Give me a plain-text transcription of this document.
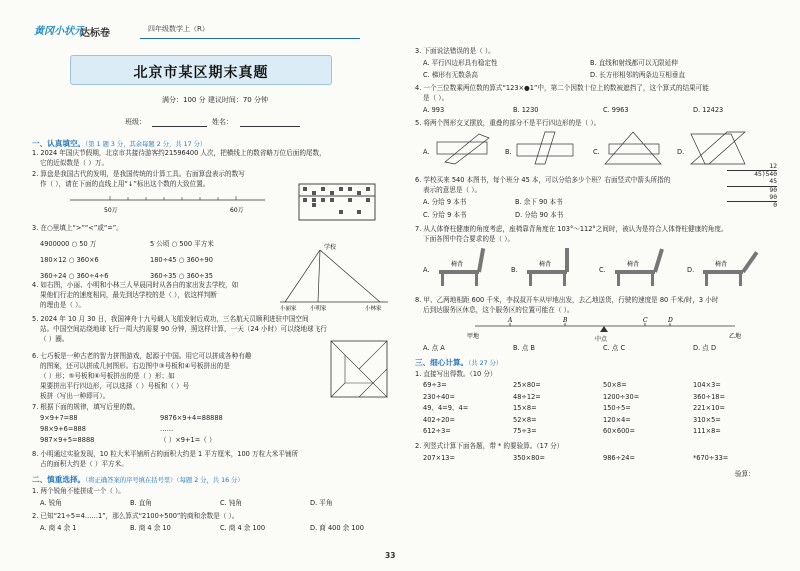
黄冈小状元
达标卷	四年级数学上（R）
北京市某区期末真题
满分：100 分 建议时间：70 分钟
班级：	姓名：
一、认真填空。（第 1 题 3 分，其余每题 2 分，共 17 分）
1. 2024 年国庆节假期，北京市共接待游客约21596400 人次，把横线上的数省略万位后面的尾数，
它的近似数是（ ）万。
2. 算盘是我国古代的发明，是我国传统的计算工具。右面算盘表示的数写
作（ ），请在下面的直线上用“↓”标出这个数的大致位置。
50万	60万
3. 在○里填上“>”“<”或“=”。
4900000 ○ 50 万	5 公顷 ○ 500 平方米
180×12 ○ 360×6	180÷45 ○ 360÷90
360÷24 ○ 360÷4÷6	360÷35 ○ 360÷35
学校
小丽家 小明家	小林家
4. 如右图，小丽、小明和小林三人早晨同时从各自的家出发去学校，如
果他们行走的速度相同，最先到达学校的是（ ），依这样判断
的理由是（ ）。
5. 2024 年 10 月 30 日，我国神舟十九号载人飞船发射后成功，三名航天员顺利进驻中国空间
站。中国空间站绕地球飞行一周大约需要 90 分钟，照这样计算，一天（24 小时）可以绕地球飞行
（ ）圈。
6. 七巧板是一种古老的智力拼图游戏，起源于中国。用它可以拼成各种有趣
的图案，还可以拼成几何图形。右边图中③号板和④号板拼出的是
（ ）形；⑤号板和⑥号板拼出的是（ ）形；如
果要拼出平行四边形，可以选择（ ）号板和（ ）号
板拼（写出一种即可）。
7. 根据下面的规律，填写后里的数。
9×9+7=88	9876×9+4=88888
98×9+6=888	……
987×9+5=8888	（ ）×9+1=（ ）
8. 小明通过实验发现，10 粒大米平铺所占的面积大约是 1 平方厘米，100 万粒大米平铺所
占的面积大约是（ ）平方米。
二、慎重选择。（将正确答案的序号填在括号里）（每题 2 分，共 16 分）
1. 两个锐角不能拼成一个（ ）。
A. 锐角	B. 直角	C. 钝角	D. 平角
2. 已知“21÷5=4……1”，那么算式“2100÷500”的商和余数是（ ）。
A. 商 4 余 1	B. 商 4 余 10	C. 商 4 余 100	D. 商 400 余 100
3. 下面说法错误的是（ ）。
A. 平行四边形具有稳定性	B. 直线和射线都可以无限延伸
C. 梯形有无数条高	D. 长方形相邻的两条边互相垂直
4. 一个三位数乘两位数的算式“123×●1”中，第二个因数十位上的数被遮挡了，这个算式的结果可能
是（ ）。
A. 993	B. 1230	C. 9963	D. 12423
5. 将两个图形交叉摆放，重叠的部分不是平行四边形的是（ ）。
A.	B.	C.	D.
6. 学校买来 540 本图书，每个班分 45 本，可以分给多少个班？右面竖式中箭头所指的
表示的意思是（ ）。
A. 分给 9 本书	B. 余下 90 本书
C. 分给 9 本书	D. 分给 90 本书
12
45)540
45
90
90
0
7. 从人体脊柱健康的角度考虑，座椅靠背角度在 103°～112°之间时，被认为是符合人体脊柱健康的角度。
下面各图中符合要求的是（ ）。
A.
椅背
B.
椅背
C.
椅背
D.
椅背
8. 甲、乙两地相距 600 千米，李叔叔开车从甲地出发，去乙地送货，行驶的速度是 80 千米/时，3 小时
后到达服务区休息，这个服务区的位置可能在（ ）。
A	B	C	D
甲地	中点	乙地
A. 点 A	B. 点 B	C. 点 C	D. 点 D
三、细心计算。（共 27 分）
1. 直接写出得数。（10 分）
69÷3=	25×80=	50×8=	104×3=
230÷40=	48÷12=	1200÷30=	360÷18=
49、4=9、4=	15×8=	150÷5=	221×10=
402÷20=	52×8=	120×4=	310×5=
612÷3=	75÷3=	60×600=	111×8=
2. 列竖式计算下面各题，带 * 的要验算。（17 分）
207×13=	350×80=	986÷24=	*670÷33=
验算：
33
